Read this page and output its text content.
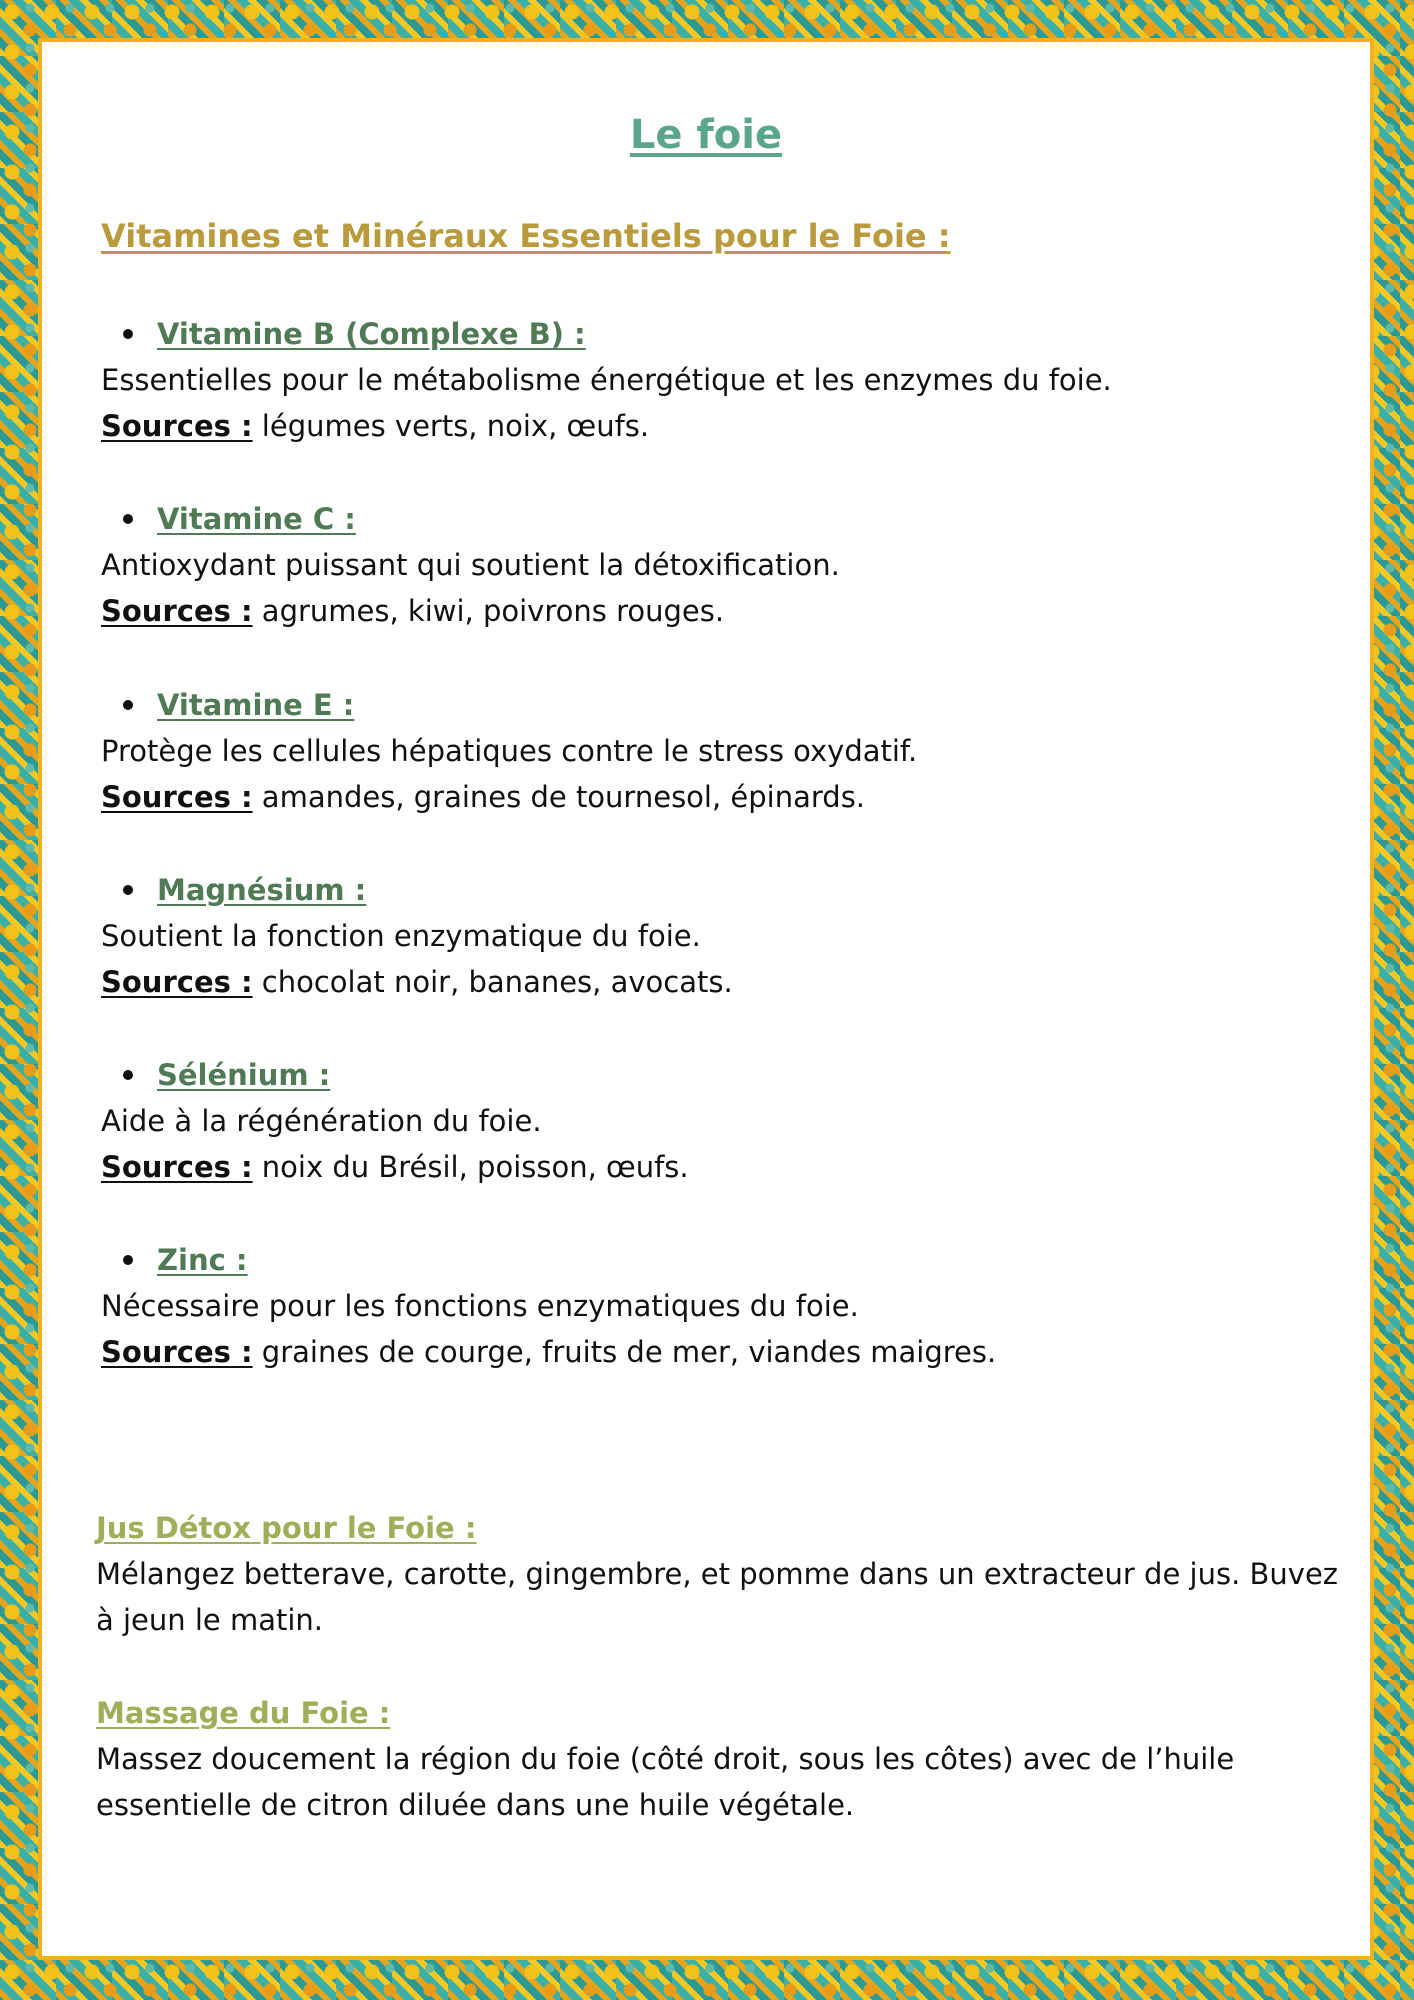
Le foie
Vitamines et Minéraux Essentiels pour le Foie :
Vitamine B (Complexe B) :
Essentielles pour le métabolisme énergétique et les enzymes du foie.
Sources : légumes verts, noix, œufs.
Vitamine C :
Antioxydant puissant qui soutient la détoxification.
Sources : agrumes, kiwi, poivrons rouges.
Vitamine E :
Protège les cellules hépatiques contre le stress oxydatif.
Sources : amandes, graines de tournesol, épinards.
Magnésium :
Soutient la fonction enzymatique du foie.
Sources : chocolat noir, bananes, avocats.
Sélénium :
Aide à la régénération du foie.
Sources : noix du Brésil, poisson, œufs.
Zinc :
Nécessaire pour les fonctions enzymatiques du foie.
Sources : graines de courge, fruits de mer, viandes maigres.
Jus Détox pour le Foie :
Mélangez betterave, carotte, gingembre, et pomme dans un extracteur de jus. Buvez à jeun le matin.
Massage du Foie :
Massez doucement la région du foie (côté droit, sous les côtes) avec de l’huile essentielle de citron diluée dans une huile végétale.
